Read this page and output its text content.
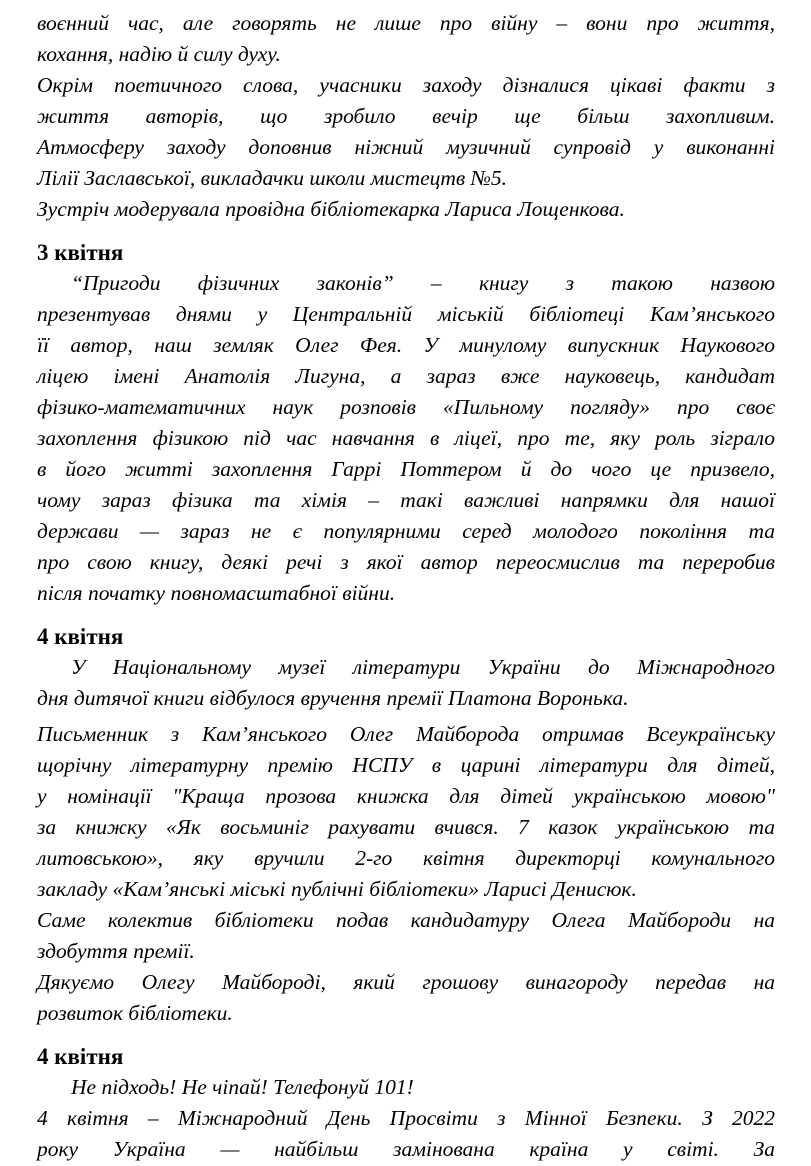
воєнний час, але говорять не лише про війну – вони про життя,
кохання, надію й силу духу.

Окрім поетичного слова, учасники заходу дізналися цікаві факти з
життя авторів, що зробило вечір ще більш захопливим.

Атмосферу заходу доповнив ніжний музичний супровід у виконанні
Лілії Заславської, викладачки школи мистецтв №5.

Зустріч модерувала провідна бібліотекарка Лариса Лощенкова.

3 квітня

“Пригоди фізичних законів” – книгу з такою назвою
презентував днями у Центральній міській бібліотеці Кам’янського
її автор, наш земляк Олег Фея. У минулому випускник Наукового
ліцею імені Анатолія Лигуна, а зараз вже науковець, кандидат
фізико-математичних наук розповів «Пильному погляду» про своє
захоплення фізикою під час навчання в ліцеї, про те, яку роль зіграло
в його житті захоплення Гаррі Поттером й до чого це призвело,
чому зараз фізика та хімія – такі важливі напрямки для нашої
держави — зараз не є популярними серед молодого покоління та
про свою книгу, деякі речі з якої автор переосмислив та переробив
після початку повномасштабної війни.

4 квітня

У Національному музеї літератури України до Міжнародного
дня дитячої книги відбулося вручення премії Платона Воронька.

Письменник з Кам’янського Олег Майборода отримав Всеукраїнську
щорічну літературну премію НСПУ в царині літератури для дітей,
у номінації "Краща прозова книжка для дітей українською мовою"
за книжку «Як восьминіг рахувати вчився. 7 казок українською та
литовською», яку вручили 2-го квітня директорці комунального
закладу «Кам’янські міські публічні бібліотеки» Ларисі Денисюк.

Саме колектив бібліотеки подав кандидатуру Олега Майбороди на
здобуття премії.

Дякуємо Олегу Майбороді, який грошову винагороду передав на
розвиток бібліотеки.

4 квітня

Не підходь! Не чіпай! Телефонуй 101!

4 квітня – Міжнародний День Просвіти з Мінної Безпеки. З 2022
року Україна — найбільш замінована країна у світі. За
